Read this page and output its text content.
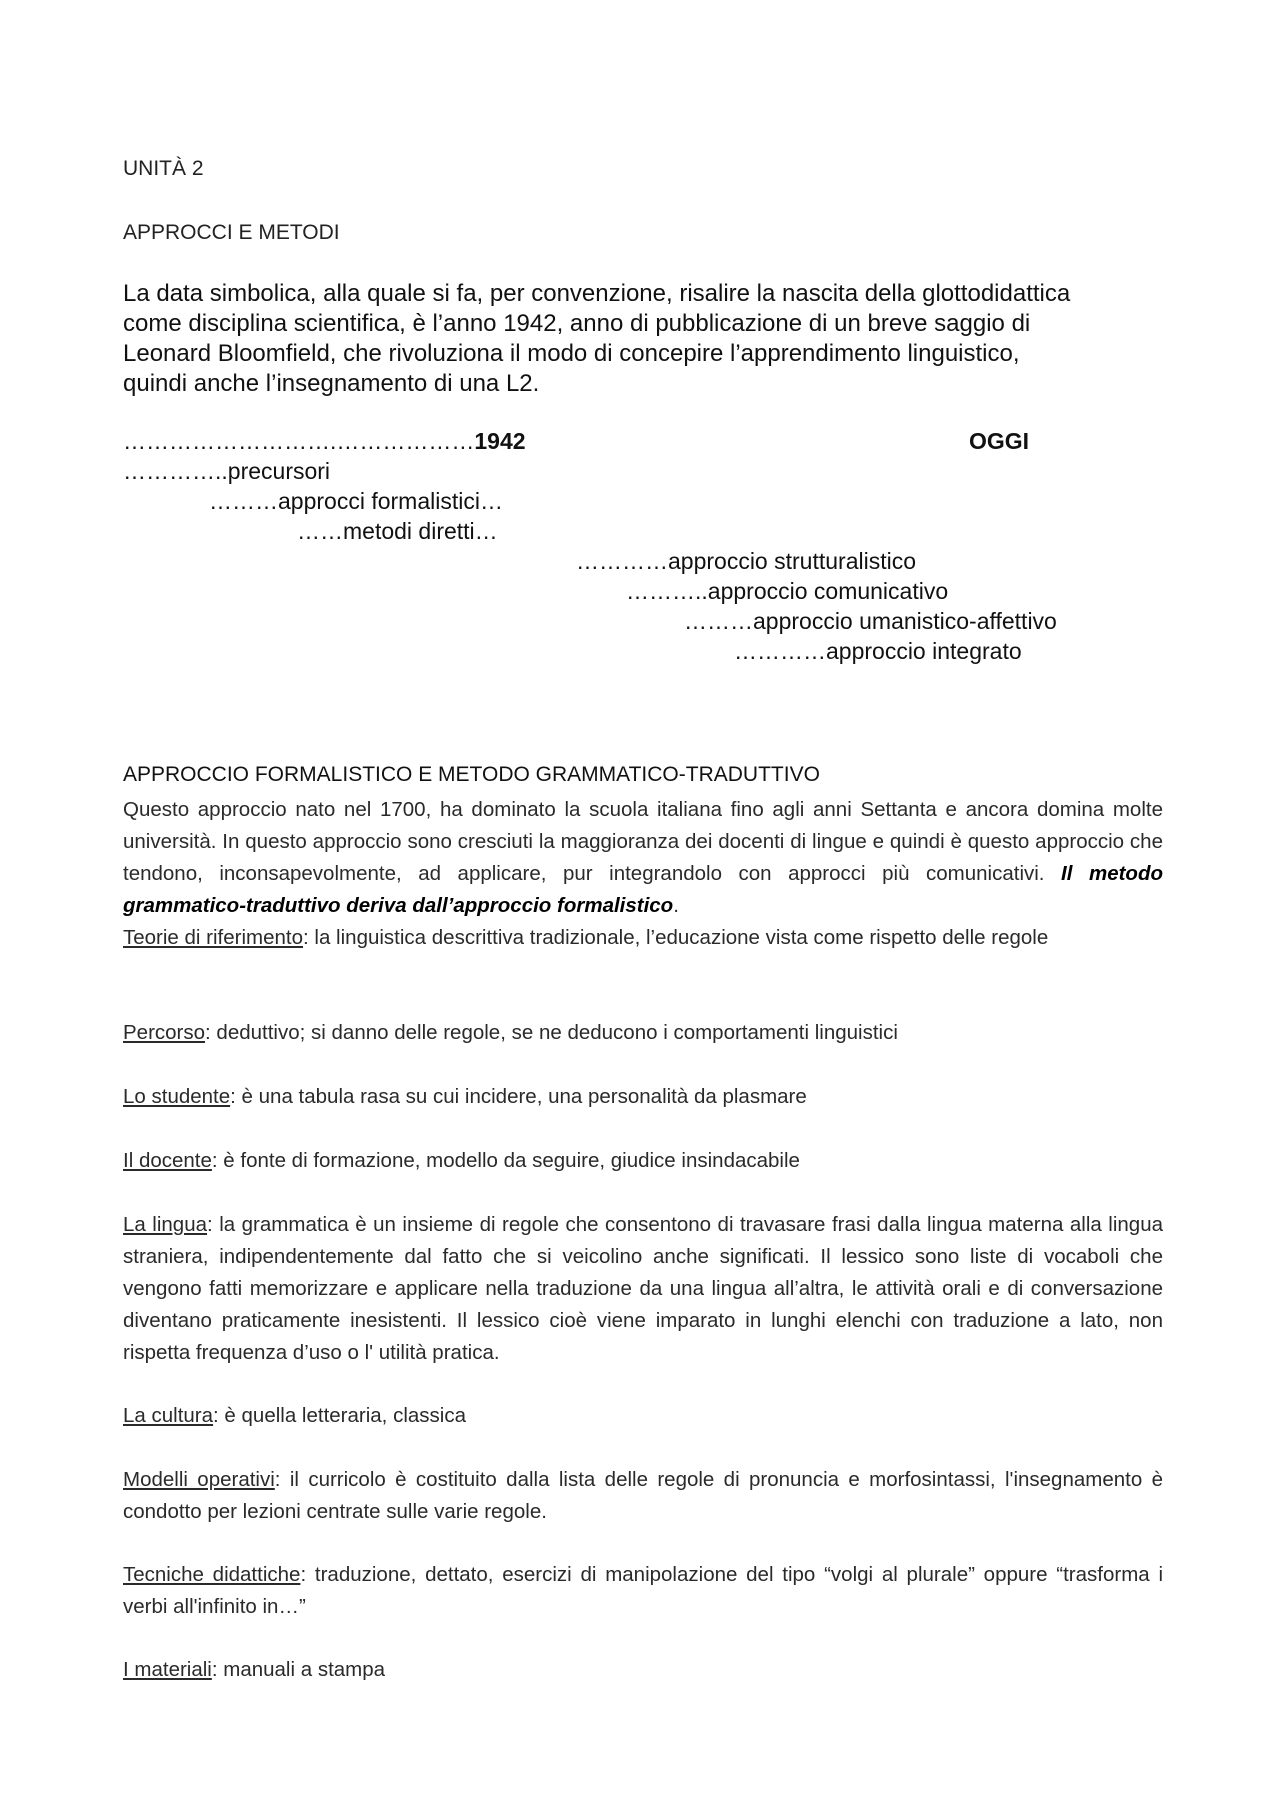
UNITÀ 2
APPROCCI E METODI
La data simbolica, alla quale si fa, per convenzione, risalire la nascita della glottodidattica
come disciplina scientifica, è l’anno 1942, anno di pubblicazione di un breve saggio di
Leonard Bloomfield, che rivoluziona il modo di concepire l’apprendimento linguistico,
quindi anche l’insegnamento di una L2.
……………………….………………1942	OGGI
…………..precursori
………approcci formalistici…
……metodi diretti…
…………approccio strutturalistico
………..approccio comunicativo
………approccio umanistico-affettivo
…………approccio integrato
APPROCCIO FORMALISTICO E METODO GRAMMATICO-TRADUTTIVO
Questo approccio nato nel 1700, ha dominato la scuola italiana fino agli anni Settanta e ancora domina molte università. In questo approccio sono cresciuti la maggioranza dei docenti di lingue e quindi è questo approccio che tendono, inconsapevolmente, ad applicare, pur integrandolo con approcci più comunicativi. Il metodo grammatico-traduttivo deriva dall’approccio formalistico.
Teorie di riferimento: la linguistica descrittiva tradizionale, l’educazione vista come rispetto delle regole
Percorso: deduttivo; si danno delle regole, se ne deducono i comportamenti linguistici
Lo studente: è una tabula rasa su cui incidere, una personalità da plasmare
Il docente: è fonte di formazione, modello da seguire, giudice insindacabile
La lingua: la grammatica è un insieme di regole che consentono di travasare frasi dalla lingua materna alla lingua straniera, indipendentemente dal fatto che si veicolino anche significati. Il lessico sono liste di vocaboli che vengono fatti memorizzare e applicare nella traduzione da una lingua all’altra, le attività orali e di conversazione diventano praticamente inesistenti. Il lessico cioè viene imparato in lunghi elenchi con traduzione a lato, non rispetta frequenza d’uso o l' utilità pratica.
La cultura: è quella letteraria, classica
Modelli operativi: il curricolo è costituito dalla lista delle regole di pronuncia e morfosintassi, l'insegnamento è condotto per lezioni centrate sulle varie regole.
Tecniche didattiche: traduzione, dettato, esercizi di manipolazione del tipo “volgi al plurale” oppure “trasforma i verbi all'infinito in…”
I materiali: manuali a stampa
